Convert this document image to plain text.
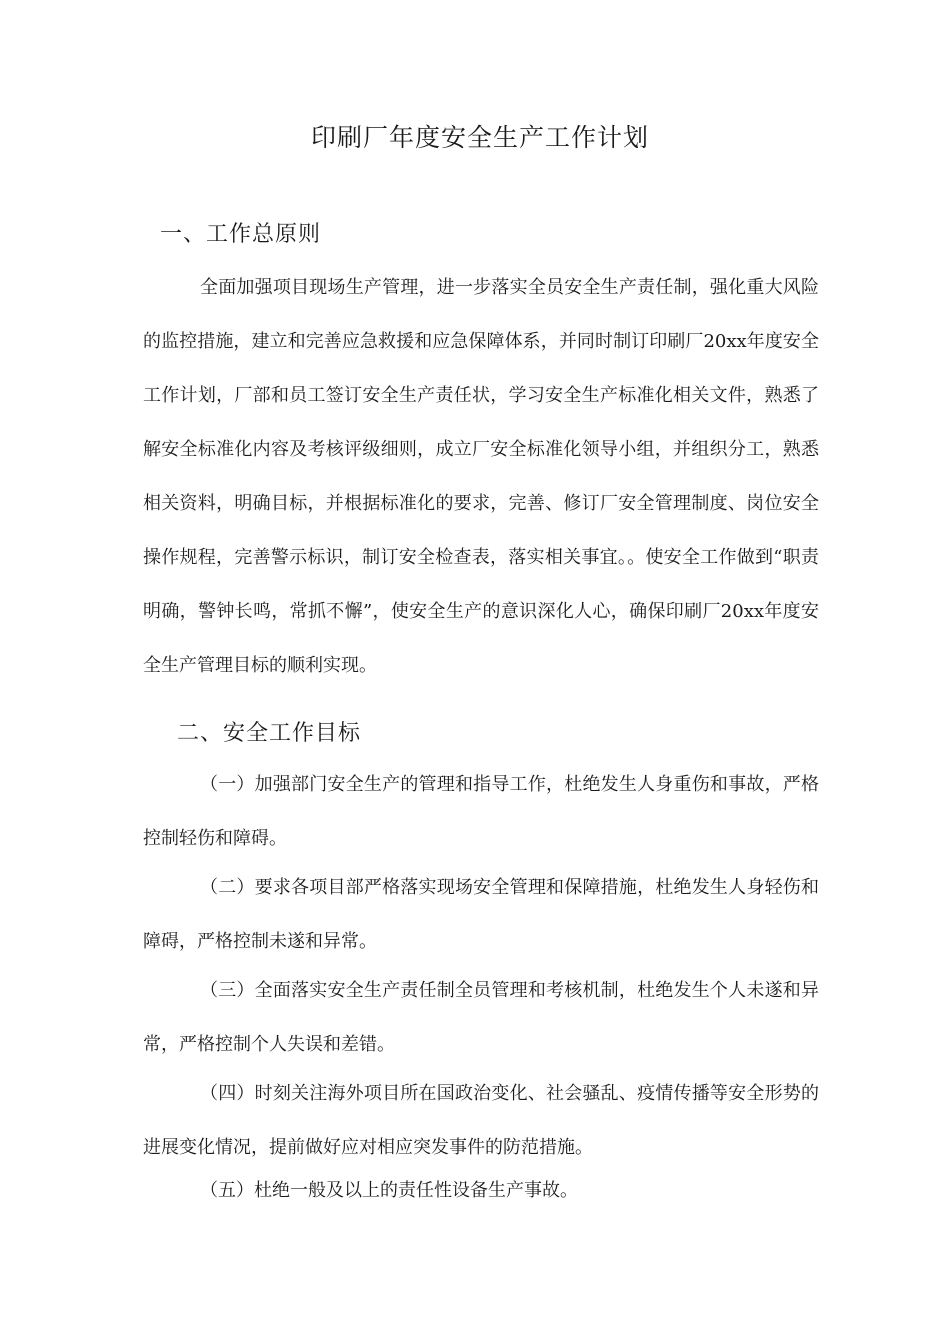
印刷厂年度安全生产工作计划
一、工作总原则
全面加强项目现场生产管理，进一步落实全员安全生产责任制，强化重大风险的监控措施，建立和完善应急救援和应急保障体系，并同时制订印刷厂20xx年度安全工作计划，厂部和员工签订安全生产责任状，学习安全生产标准化相关文件，熟悉了解安全标准化内容及考核评级细则，成立厂安全标准化领导小组，并组织分工，熟悉相关资料，明确目标，并根据标准化的要求，完善、修订厂安全管理制度、岗位安全操作规程，完善警示标识，制订安全检查表，落实相关事宜。。使安全工作做到“职责明确，警钟长鸣，常抓不懈”，使安全生产的意识深化人心，确保印刷厂20xx年度安全生产管理目标的顺利实现。
二、安全工作目标
（一）加强部门安全生产的管理和指导工作，杜绝发生人身重伤和事故，严格控制轻伤和障碍。
（二）要求各项目部严格落实现场安全管理和保障措施，杜绝发生人身轻伤和障碍，严格控制未遂和异常。
（三）全面落实安全生产责任制全员管理和考核机制，杜绝发生个人未遂和异常，严格控制个人失误和差错。
（四）时刻关注海外项目所在国政治变化、社会骚乱、疫情传播等安全形势的进展变化情况，提前做好应对相应突发事件的防范措施。
（五）杜绝一般及以上的责任性设备生产事故。
